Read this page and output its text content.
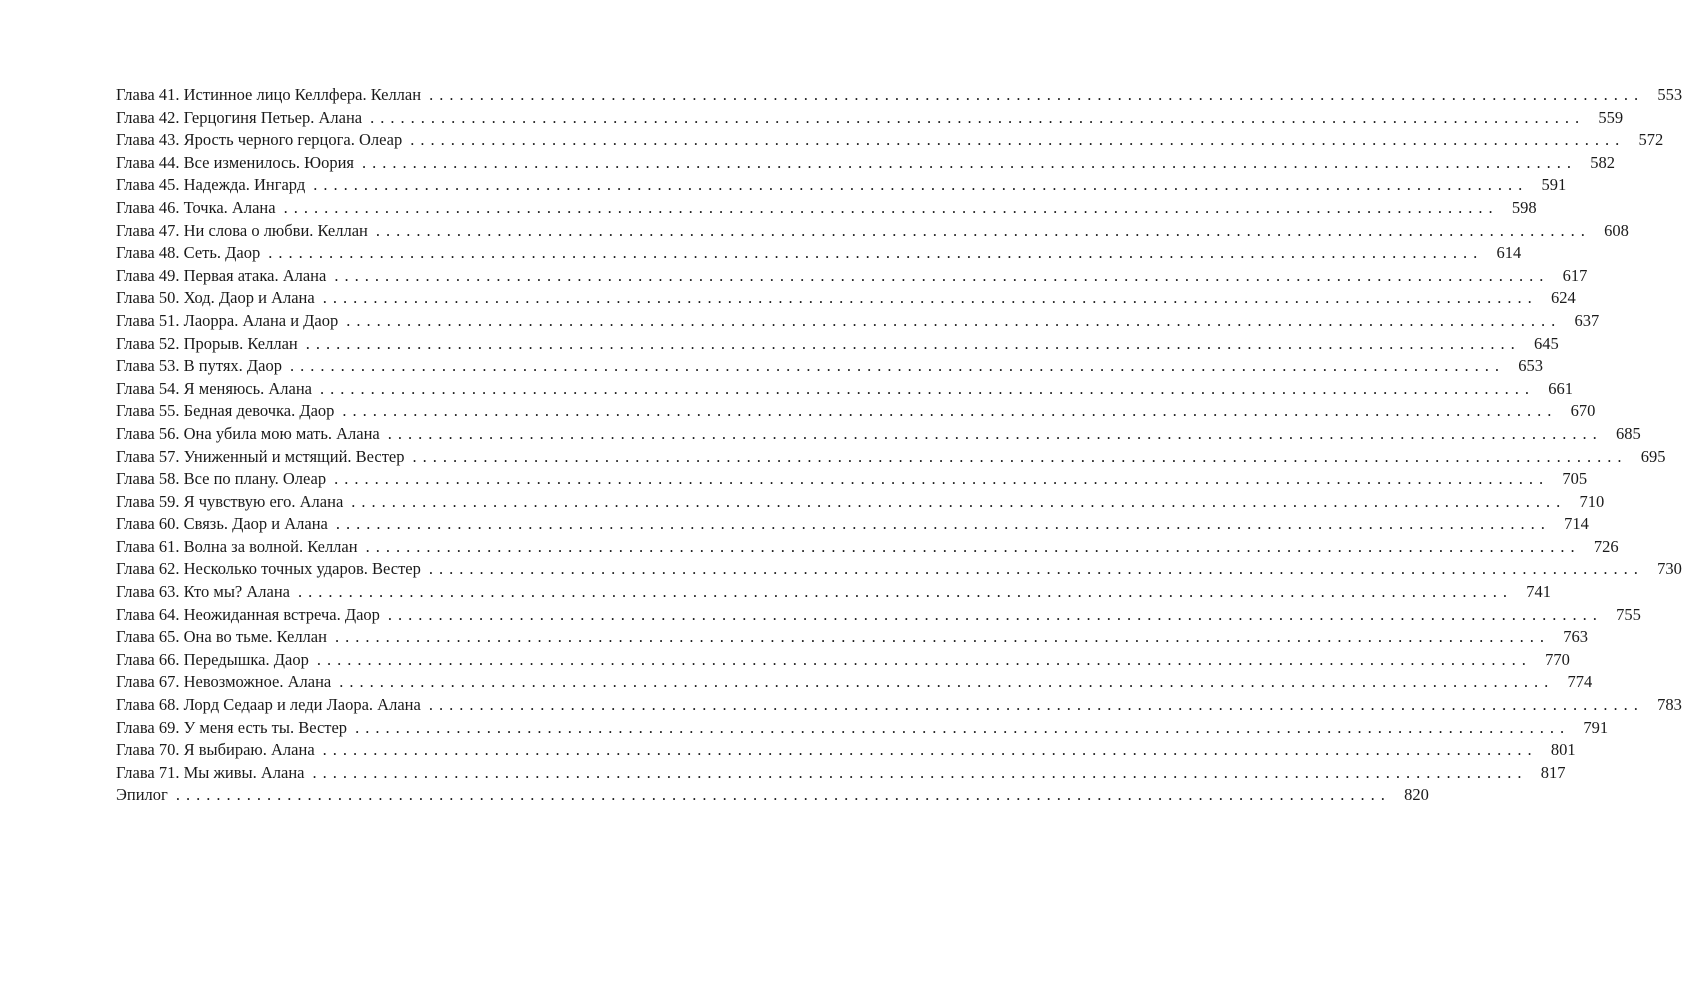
Глава 41. Истинное лицо Келлфера. Келлан ........................................................................................................................ 553
Глава 42. Герцогиня Петьер. Алана ........................................................................................................................ 559
Глава 43. Ярость черного герцога. Олеар ........................................................................................................................ 572
Глава 44. Все изменилось. Юория ........................................................................................................................ 582
Глава 45. Надежда. Ингард ........................................................................................................................ 591
Глава 46. Точка. Алана ........................................................................................................................ 598
Глава 47. Ни слова о любви. Келлан ........................................................................................................................ 608
Глава 48. Сеть. Даор ........................................................................................................................ 614
Глава 49. Первая атака. Алана ........................................................................................................................ 617
Глава 50. Ход. Даор и Алана ........................................................................................................................ 624
Глава 51. Лаорра. Алана и Даор ........................................................................................................................ 637
Глава 52. Прорыв. Келлан ........................................................................................................................ 645
Глава 53. В путях. Даор ........................................................................................................................ 653
Глава 54. Я меняюсь. Алана ........................................................................................................................ 661
Глава 55. Бедная девочка. Даор ........................................................................................................................ 670
Глава 56. Она убила мою мать. Алана ........................................................................................................................ 685
Глава 57. Униженный и мстящий. Вестер ........................................................................................................................ 695
Глава 58. Все по плану. Олеар ........................................................................................................................ 705
Глава 59. Я чувствую его. Алана ........................................................................................................................ 710
Глава 60. Связь. Даор и Алана ........................................................................................................................ 714
Глава 61. Волна за волной. Келлан ........................................................................................................................ 726
Глава 62. Несколько точных ударов. Вестер ........................................................................................................................ 730
Глава 63. Кто мы? Алана ........................................................................................................................ 741
Глава 64. Неожиданная встреча. Даор ........................................................................................................................ 755
Глава 65. Она во тьме. Келлан ........................................................................................................................ 763
Глава 66. Передышка. Даор ........................................................................................................................ 770
Глава 67. Невозможное. Алана ........................................................................................................................ 774
Глава 68. Лорд Седаар и леди Лаора. Алана ........................................................................................................................ 783
Глава 69. У меня есть ты. Вестер ........................................................................................................................ 791
Глава 70. Я выбираю. Алана ........................................................................................................................ 801
Глава 71. Мы живы. Алана ........................................................................................................................ 817
Эпилог ........................................................................................................................ 820
